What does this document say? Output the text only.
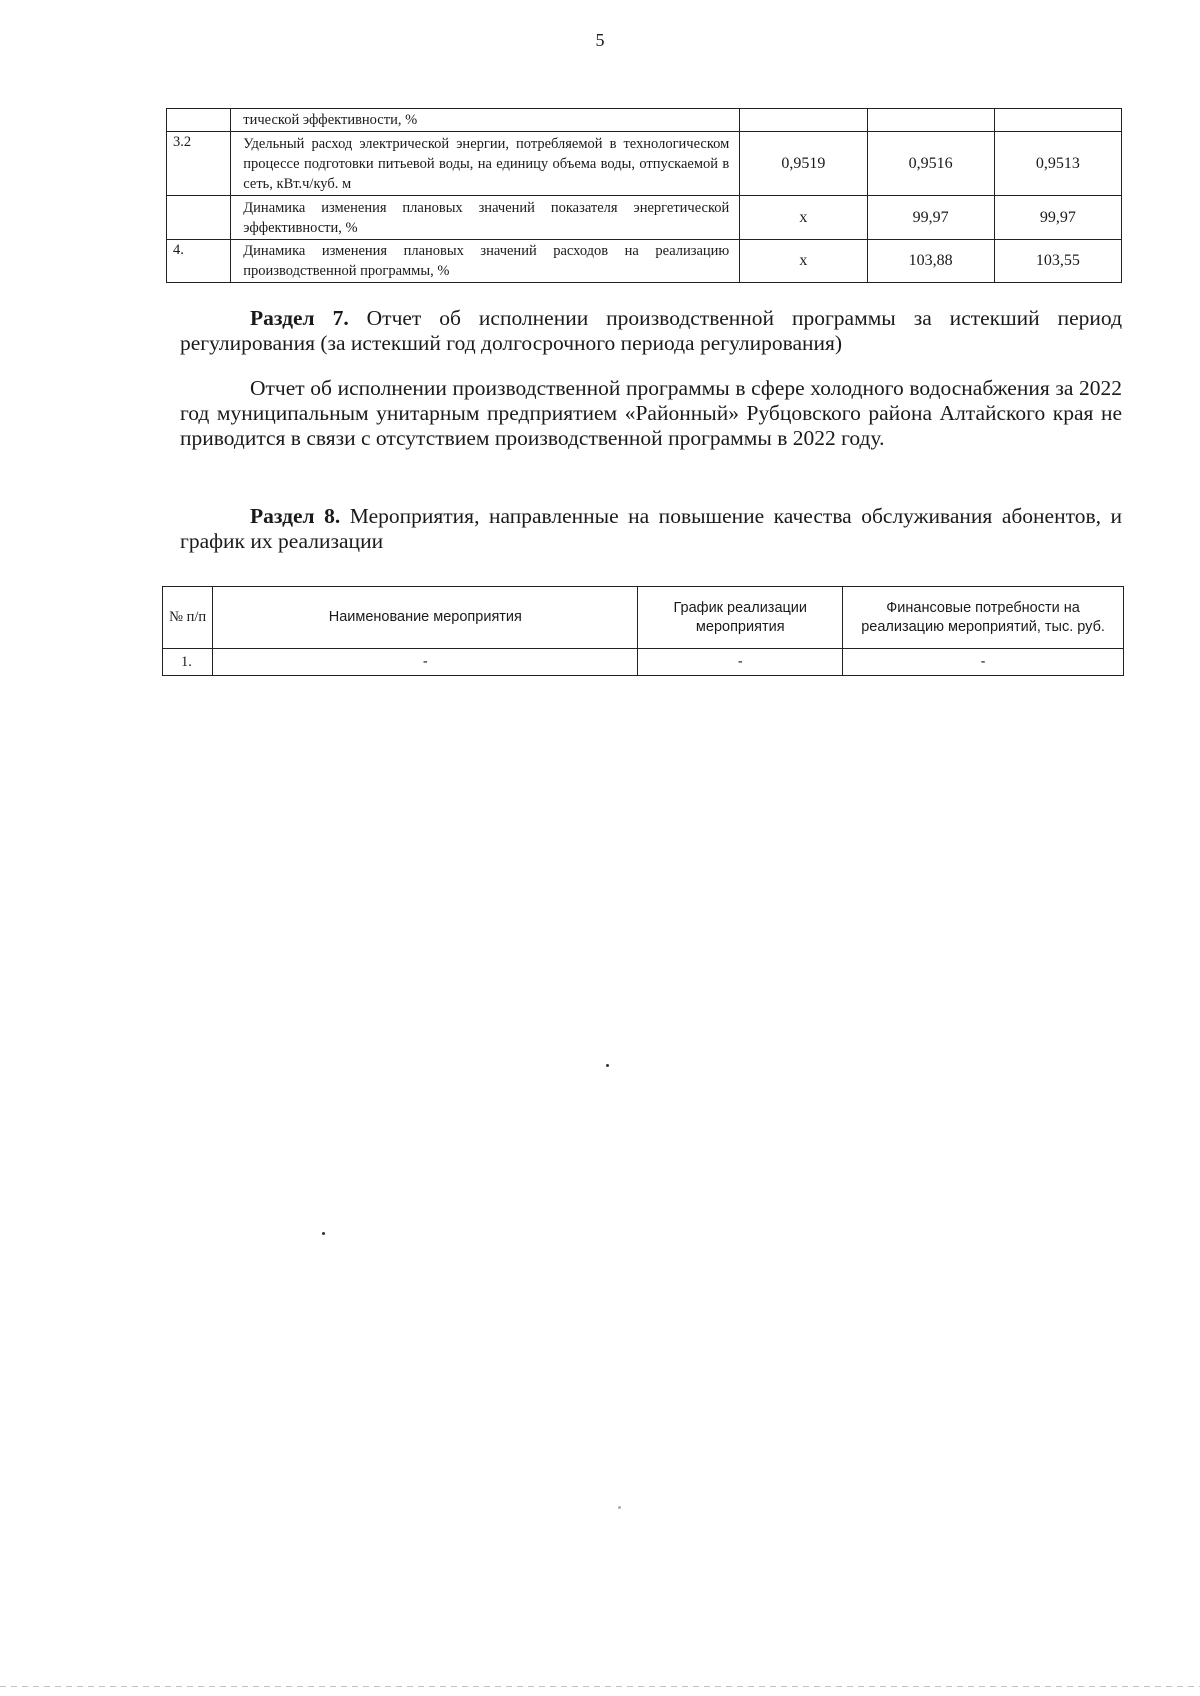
5
	тической эффективности, %			
3.2	Удельный расход электрической энергии, потребляемой в технологическом процессе подготовки питьевой воды, на единицу объема воды, отпускаемой в сеть, кВт.ч/куб. м	0,9519	0,9516	0,9513
	Динамика изменения плановых значений показателя энергетической эффективности, %	х	99,97	99,97
4.	Динамика изменения плановых значений расходов на реализацию производственной программы, %	х	103,88	103,55
Раздел 7. Отчет об исполнении производственной программы за истекший период регулирования (за истекший год долгосрочного периода регулирования)
Отчет об исполнении производственной программы в сфере холодного водоснабжения за 2022 год муниципальным унитарным предприятием «Районный» Рубцовского района Алтайского края не приводится в связи с отсутствием производственной программы в 2022 году.
Раздел 8. Мероприятия, направленные на повышение качества обслуживания абонентов, и график их реализации
№ п/п	Наименование мероприятия	График реализации мероприятия	Финансовые потребности на реализацию мероприятий, тыс. руб.
1.	-	-	-
